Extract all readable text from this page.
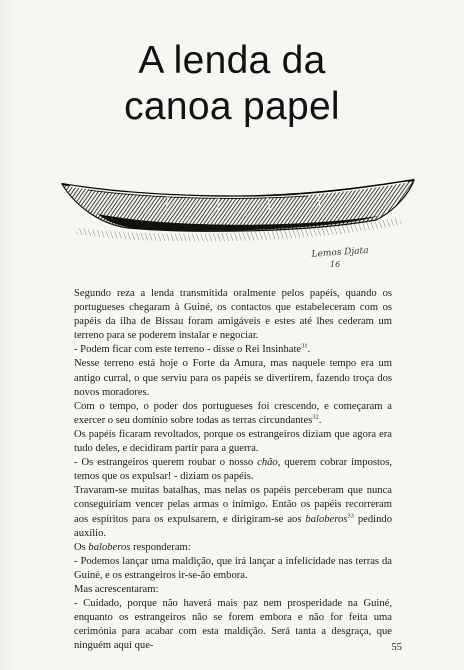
A lenda da
canoa papel
Lemos Djata
16

Segundo reza a lenda transmitida oralmente pelos papéis, quando os portugueses chegaram à Guiné, os contactos que estabeleceram com os papéis da ilha de Bissau foram amigáveis e estes até lhes cederam um terreno para se poderem instalar e negociar.

- Podem ficar com este terreno - disse o Rei Insinhate$^{31}$.

Nesse terreno está hoje o Forte da Amura, mas naquele tempo era um antigo curral, o que serviu para os papéis se divertirem, fazendo troça dos novos moradores.

Com o tempo, o poder dos portugueses foi crescendo, e começaram a exercer o seu domínio sobre todas as terras circundantes$^{32}$.

Os papéis ficaram revoltados, porque os estrangeiros diziam que agora era tudo deles, e decidiram partir para a guerra.

- Os estrangeiros querem roubar o nosso chão, querem cobrar impostos, temos que os expulsar! - diziam os papéis.

Travaram-se muitas batalhas, mas nelas os papéis perceberam que nunca conseguiriam vencer pelas armas o inimigo. Então os papéis recorreram aos espíritos para os expulsarem, e dirigiram-se aos baloberos$^{33}$ pedindo auxílio.

Os baloberos responderam:

- Podemos lançar uma maldição, que irá lançar a infelicidade nas terras da Guiné, e os estrangeiros ir-se-ão embora.

Mas acrescentaram:

- Cuidado, porque não haverá mais paz nem prosperidade na Guiné, enquanto os estrangeiros não se forem embora e não for feita uma cerimónia para acabar com esta maldição. Será tanta a desgraça, que ninguém aqui que-	55
